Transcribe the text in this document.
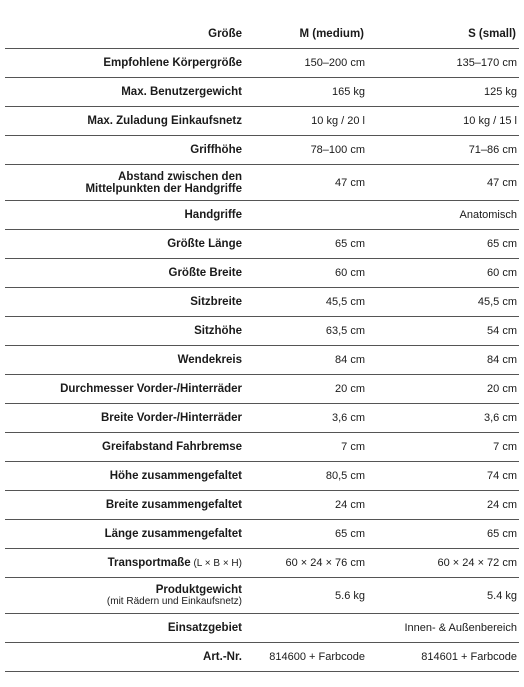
Größe	M (medium)	S (small)
Empfohlene Körpergröße	150–200 cm	135–170 cm
Max. Benutzergewicht	165 kg	125 kg
Max. Zuladung Einkaufsnetz	10 kg / 20 l	10 kg / 15 l
Griffhöhe	78–100 cm	71–86 cm

Abstand zwischen den
Mittelpunkten der Handgriffe	47 cm	47 cm
Handgriffe		Anatomisch
Größte Länge	65 cm	65 cm
Größte Breite	60 cm	60 cm
Sitzbreite	45,5 cm	45,5 cm
Sitzhöhe	63,5 cm	54 cm
Wendekreis	84 cm	84 cm
Durchmesser Vorder-/Hinterräder	20 cm	20 cm
Breite Vorder-/Hinterräder	3,6 cm	3,6 cm
Greifabstand Fahrbremse	7 cm	7 cm
Höhe zusammengefaltet	80,5 cm	74 cm
Breite zusammengefaltet	24 cm	24 cm
Länge zusammengefaltet	65 cm	65 cm
Transportmaße (L × B × H)	60 × 24 × 76 cm	60 × 24 × 72 cm

Produktgewicht
(mit Rädern und Einkaufsnetz)	5.6 kg	5.4 kg
Einsatzgebiet		Innen- & Außenbereich
Art.-Nr.	814600 + Farbcode	814601 + Farbcode
